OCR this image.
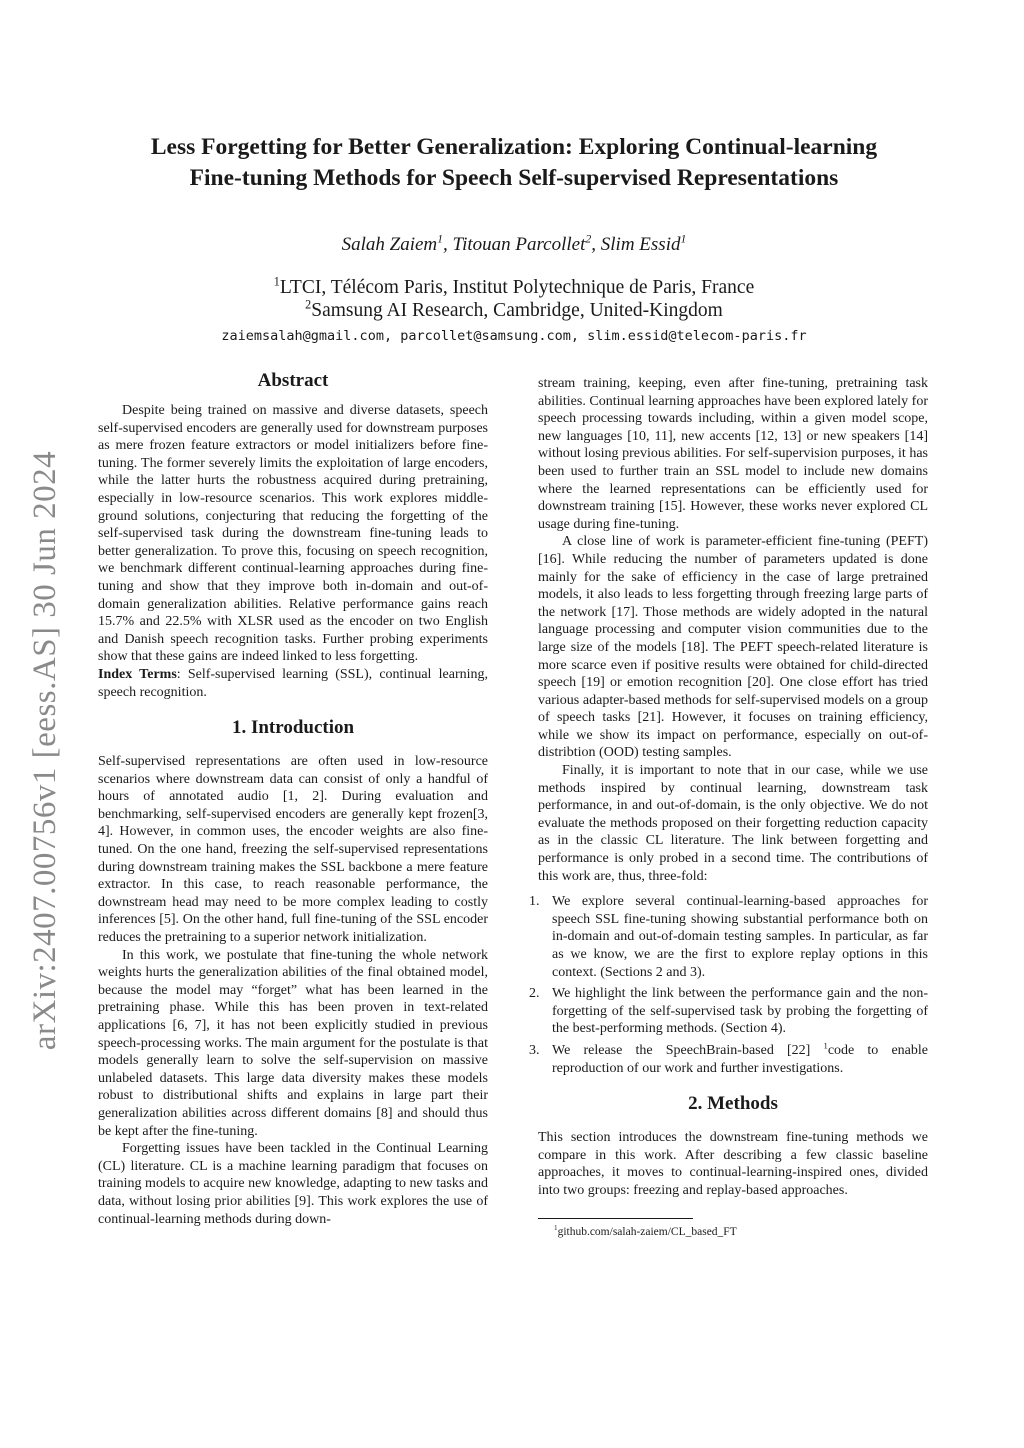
arXiv:2407.00756v1 [eess.AS] 30 Jun 2024
Less Forgetting for Better Generalization: Exploring Continual-learning
Fine-tuning Methods for Speech Self-supervised Representations
Salah Zaiem$^1$, Titouan Parcollet$^2$, Slim Essid$^1$
$^1$LTCI, Télécom Paris, Institut Polytechnique de Paris, France
$^2$Samsung AI Research, Cambridge, United-Kingdom
zaiemsalah@gmail.com, parcollet@samsung.com, slim.essid@telecom-paris.fr
Abstract

Despite being trained on massive and diverse datasets, speech self-supervised encoders are generally used for downstream purposes as mere frozen feature extractors or model initializers before fine-tuning. The former severely limits the exploitation of large encoders, while the latter hurts the robustness acquired during pretraining, especially in low-resource scenarios. This work explores middle-ground solutions, conjecturing that reducing the forgetting of the self-supervised task during the downstream fine-tuning leads to better generalization. To prove this, focusing on speech recognition, we benchmark different continual-learning approaches during fine-tuning and show that they improve both in-domain and out-of-domain generalization abilities. Relative performance gains reach 15.7% and 22.5% with XLSR used as the encoder on two English and Danish speech recognition tasks. Further probing experiments show that these gains are indeed linked to less forgetting.

Index Terms: Self-supervised learning (SSL), continual learning, speech recognition.

1. Introduction

Self-supervised representations are often used in low-resource scenarios where downstream data can consist of only a handful of hours of annotated audio [1, 2]. During evaluation and benchmarking, self-supervised encoders are generally kept frozen[3, 4]. However, in common uses, the encoder weights are also fine-tuned. On the one hand, freezing the self-supervised representations during downstream training makes the SSL backbone a mere feature extractor. In this case, to reach reasonable performance, the downstream head may need to be more complex leading to costly inferences [5]. On the other hand, full fine-tuning of the SSL encoder reduces the pretraining to a superior network initialization.

In this work, we postulate that fine-tuning the whole network weights hurts the generalization abilities of the final obtained model, because the model may “forget” what has been learned in the pretraining phase. While this has been proven in text-related applications [6, 7], it has not been explicitly studied in previous speech-processing works. The main argument for the postulate is that models generally learn to solve the self-supervision on massive unlabeled datasets. This large data diversity makes these models robust to distributional shifts and explains in large part their generalization abilities across different domains [8] and should thus be kept after the fine-tuning.

Forgetting issues have been tackled in the Continual Learning (CL) literature. CL is a machine learning paradigm that focuses on training models to acquire new knowledge, adapting to new tasks and data, without losing prior abilities [9]. This work explores the use of continual-learning methods during down-

stream training, keeping, even after fine-tuning, pretraining task abilities. Continual learning approaches have been explored lately for speech processing towards including, within a given model scope, new languages [10, 11], new accents [12, 13] or new speakers [14] without losing previous abilities. For self-supervision purposes, it has been used to further train an SSL model to include new domains where the learned representations can be efficiently used for downstream training [15]. However, these works never explored CL usage during fine-tuning.

A close line of work is parameter-efficient fine-tuning (PEFT) [16]. While reducing the number of parameters updated is done mainly for the sake of efficiency in the case of large pretrained models, it also leads to less forgetting through freezing large parts of the network [17]. Those methods are widely adopted in the natural language processing and computer vision communities due to the large size of the models [18]. The PEFT speech-related literature is more scarce even if positive results were obtained for child-directed speech [19] or emotion recognition [20]. One close effort has tried various adapter-based methods for self-supervised models on a group of speech tasks [21]. However, it focuses on training efficiency, while we show its impact on performance, especially on out-of-distribtion (OOD) testing samples.

Finally, it is important to note that in our case, while we use methods inspired by continual learning, downstream task performance, in and out-of-domain, is the only objective. We do not evaluate the methods proposed on their forgetting reduction capacity as in the classic CL literature. The link between forgetting and performance is only probed in a second time. The contributions of this work are, thus, three-fold:

1. We explore several continual-learning-based approaches for speech SSL fine-tuning showing substantial performance both on in-domain and out-of-domain testing samples. In particular, as far as we know, we are the first to explore replay options in this context. (Sections 2 and 3).
2. We highlight the link between the performance gain and the non-forgetting of the self-supervised task by probing the forgetting of the best-performing methods. (Section 4).
3. We release the SpeechBrain-based [22] $^1$code to enable reproduction of our work and further investigations.
2. Methods

This section introduces the downstream fine-tuning methods we compare in this work. After describing a few classic baseline approaches, it moves to continual-learning-inspired ones, divided into two groups: freezing and replay-based approaches.

$^1$github.com/salah-zaiem/CL_based_FT
